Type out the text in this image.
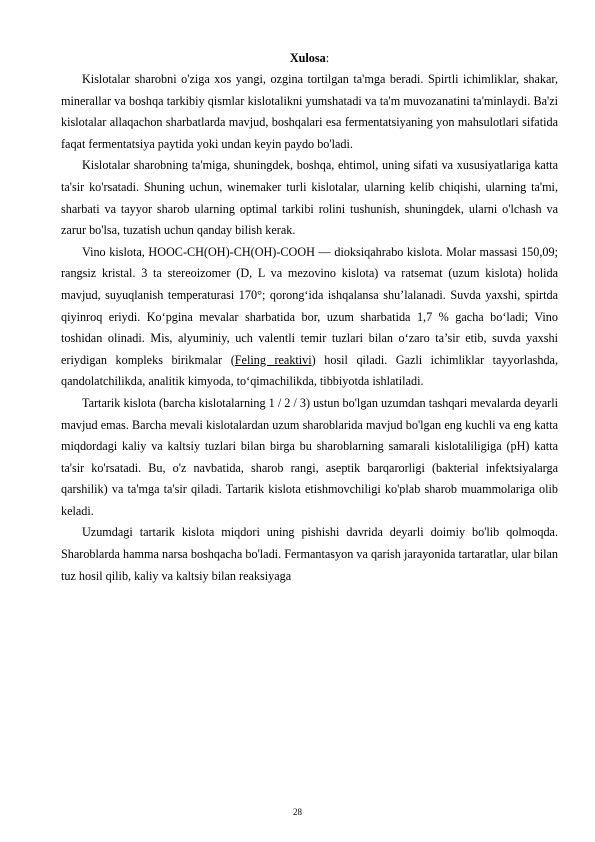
Xulosa:

Kislotalar sharobni o'ziga xos yangi, ozgina tortilgan ta'mga beradi. Spirtli ichimliklar, shakar, minerallar va boshqa tarkibiy qismlar kislotalikni yumshatadi va ta'm muvozanatini ta'minlaydi. Ba'zi kislotalar allaqachon sharbatlarda mavjud, boshqalari esa fermentatsiyaning yon mahsulotlari sifatida faqat fermentatsiya paytida yoki undan keyin paydo bo'ladi.

Kislotalar sharobning ta'miga, shuningdek, boshqa, ehtimol, uning sifati va xususiyatlariga katta ta'sir ko'rsatadi. Shuning uchun, winemaker turli kislotalar, ularning kelib chiqishi, ularning ta'mi, sharbati va tayyor sharob ularning optimal tarkibi rolini tushunish, shuningdek, ularni o'lchash va zarur bo'lsa, tuzatish uchun qanday bilish kerak.

Vino kislota, HOOC-CH(OH)-CH(OH)-COOH — dioksiqahrabo kislota. Molar massasi 150,09; rangsiz kristal. 3 ta stereoizomer (D, L va mezovino kislota) va ratsemat (uzum kislota) holida mavjud, suyuqlanish temperaturasi 170°; qorong‘ida ishqalansa shu’lalanadi. Suvda yaxshi, spirtda qiyinroq eriydi. Ko‘pgina mevalar sharbatida bor, uzum sharbatida 1,7 % gacha bo‘ladi; Vino toshidan olinadi. Mis, alyuminiy, uch valentli temir tuzlari bilan o‘zaro ta’sir etib, suvda yaxshi eriydigan kompleks birikmalar (Feling reaktivi) hosil qiladi. Gazli ichimliklar tayyorlashda, qandolatchilikda, analitik kimyoda, to‘qimachilikda, tibbiyotda ishlatiladi.

Tartarik kislota (barcha kislotalarning 1 / 2 / 3) ustun bo'lgan uzumdan tashqari mevalarda deyarli mavjud emas. Barcha mevali kislotalardan uzum sharoblarida mavjud bo'lgan eng kuchli va eng katta miqdordagi kaliy va kaltsiy tuzlari bilan birga bu sharoblarning samarali kislotaliligiga (pH) katta ta'sir ko'rsatadi. Bu, o'z navbatida, sharob rangi, aseptik barqarorligi (bakterial infektsiyalarga qarshilik) va ta'mga ta'sir qiladi. Tartarik kislota etishmovchiligi ko'plab sharob muammolariga olib keladi.

Uzumdagi tartarik kislota miqdori uning pishishi davrida deyarli doimiy bo'lib qolmoqda. Sharoblarda hamma narsa boshqacha bo'ladi. Fermantasyon va qarish jarayonida tartaratlar, ular bilan tuz hosil qilib, kaliy va kaltsiy bilan reaksiyaga

28
